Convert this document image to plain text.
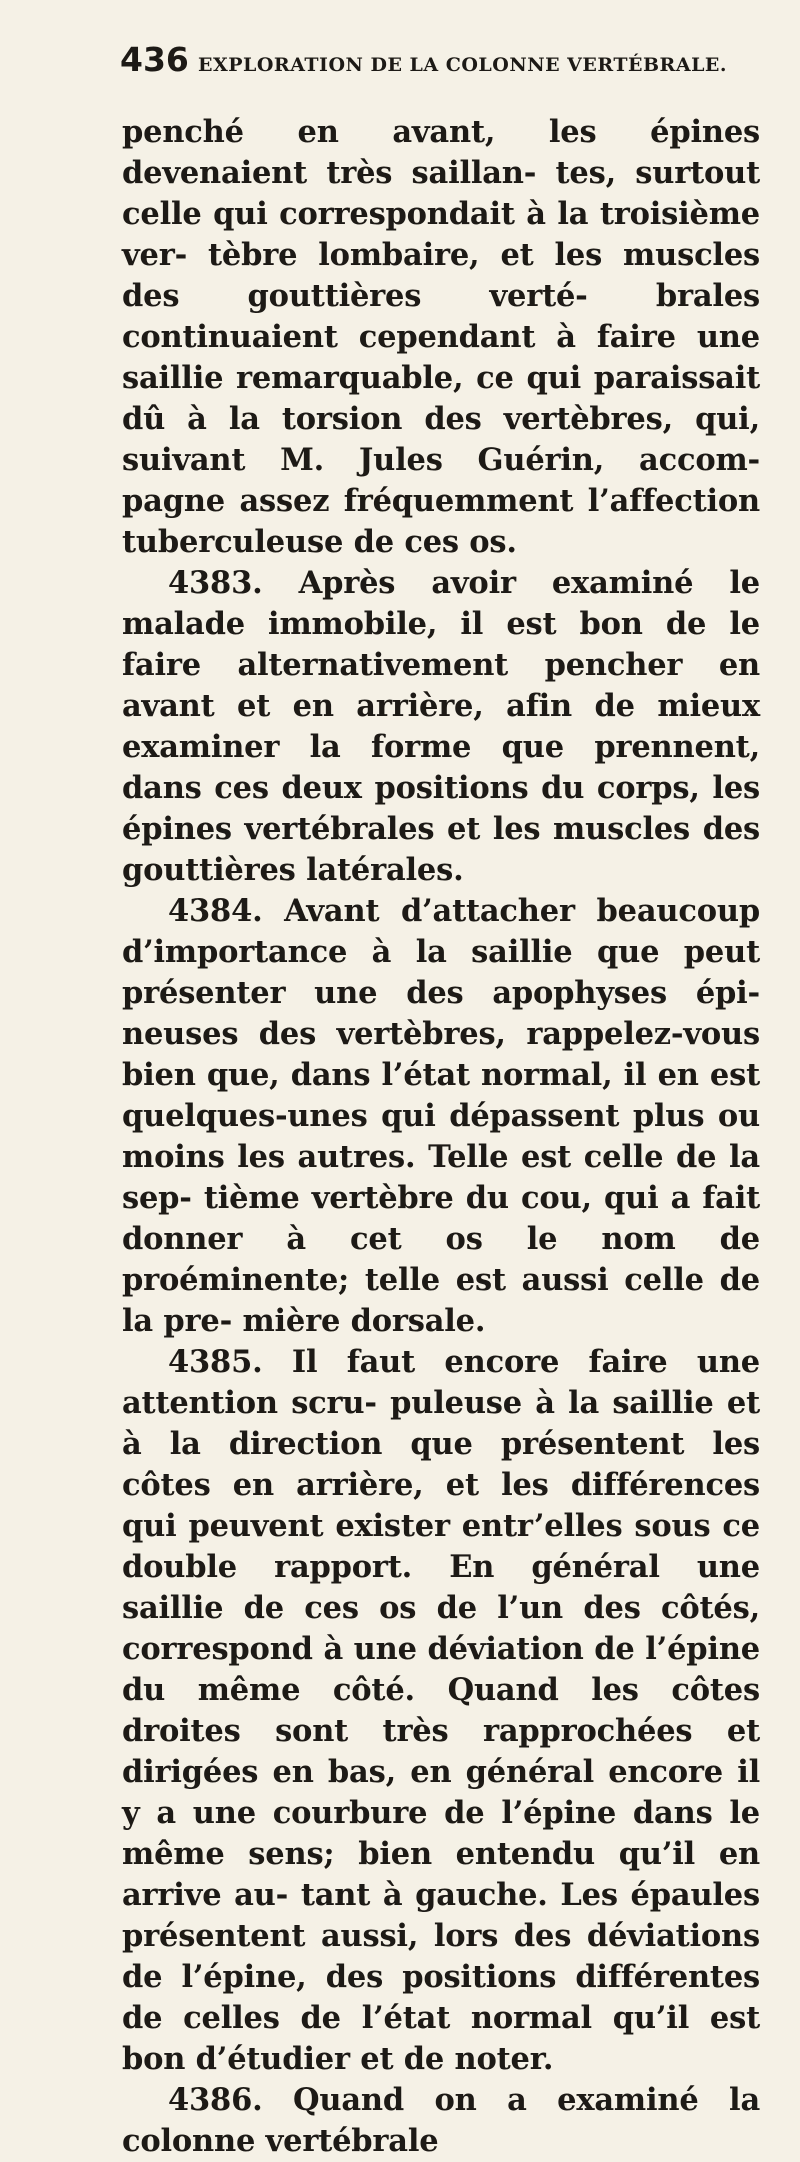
436 EXPLORATION DE LA COLONNE VERTÉBRALE.

penché en avant, les épines devenaient très saillan- tes, surtout celle qui correspondait à la troisième ver- tèbre lombaire, et les muscles des gouttières verté- brales continuaient cependant à faire une saillie remarquable, ce qui paraissait dû à la torsion des vertèbres, qui, suivant M. Jules Guérin, accom- pagne assez fréquemment l’affection tuberculeuse de ces os.

4383. Après avoir examiné le malade immobile, il est bon de le faire alternativement pencher en avant et en arrière, afin de mieux examiner la forme que prennent, dans ces deux positions du corps, les épines vertébrales et les muscles des gouttières latérales.

4384. Avant d’attacher beaucoup d’importance à la saillie que peut présenter une des apophyses épi- neuses des vertèbres, rappelez-vous bien que, dans l’état normal, il en est quelques-unes qui dépassent plus ou moins les autres. Telle est celle de la sep- tième vertèbre du cou, qui a fait donner à cet os le nom de proéminente; telle est aussi celle de la pre- mière dorsale.

4385. Il faut encore faire une attention scru- puleuse à la saillie et à la direction que présentent les côtes en arrière, et les différences qui peuvent exister entr’elles sous ce double rapport. En général une saillie de ces os de l’un des côtés, correspond à une déviation de l’épine du même côté. Quand les côtes droites sont très rapprochées et dirigées en bas, en général encore il y a une courbure de l’épine dans le même sens; bien entendu qu’il en arrive au- tant à gauche. Les épaules présentent aussi, lors des déviations de l’épine, des positions différentes de celles de l’état normal qu’il est bon d’étudier et de noter.

4386. Quand on a examiné la colonne vertébrale
